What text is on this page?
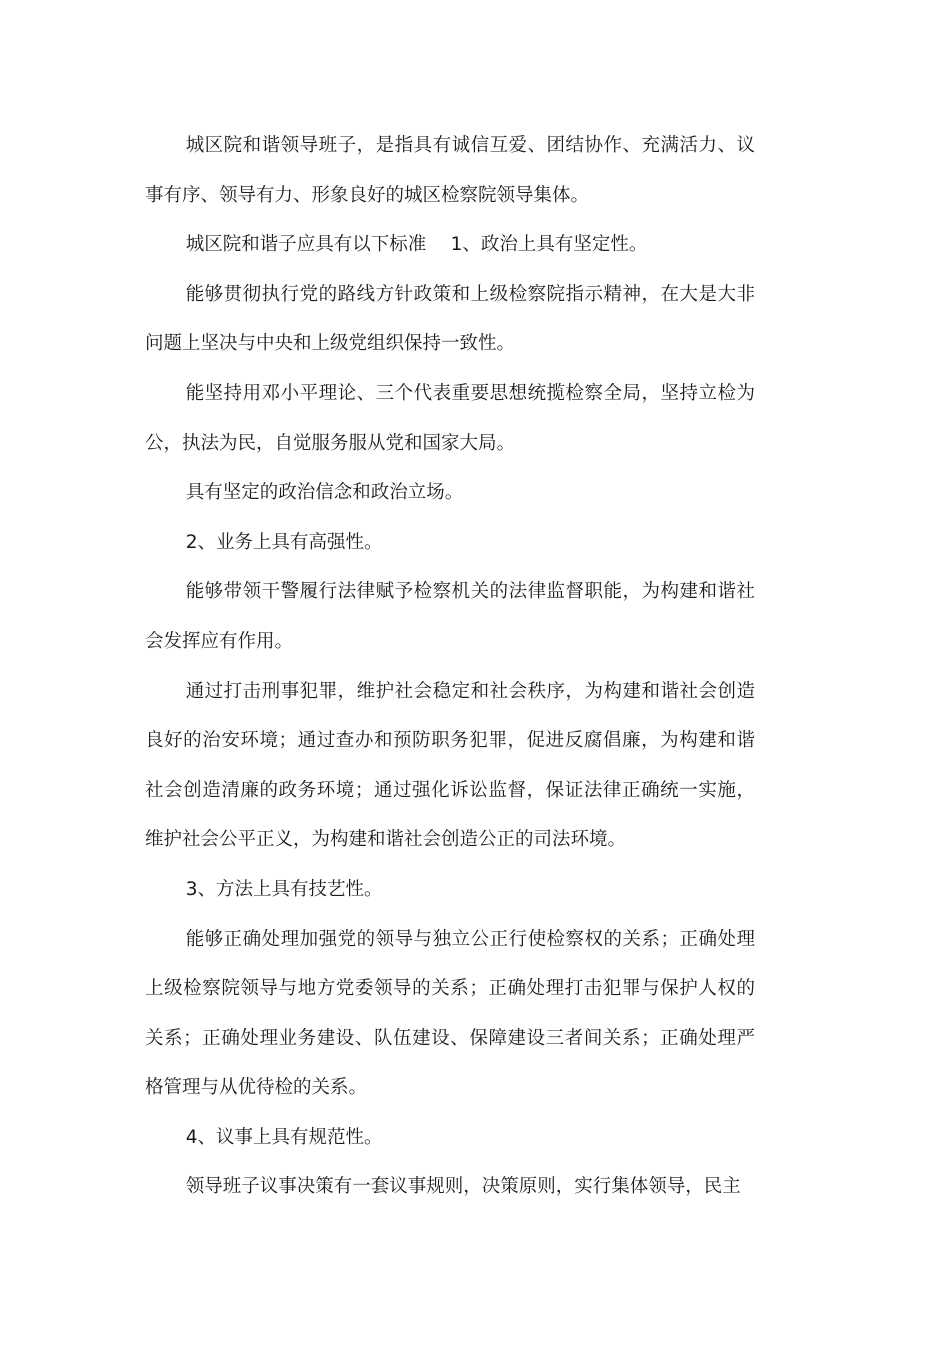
城区院和谐领导班子，是指具有诚信互爱、团结协作、充满活力、议事有序、领导有力、形象良好的城区检察院领导集体。

城区院和谐子应具有以下标准　 1、政治上具有坚定性。

能够贯彻执行党的路线方针政策和上级检察院指示精神，在大是大非问题上坚决与中央和上级党组织保持一致性。

能坚持用邓小平理论、三个代表重要思想统揽检察全局，坚持立检为公，执法为民，自觉服务服从党和国家大局。

具有坚定的政治信念和政治立场。

2、业务上具有高强性。

能够带领干警履行法律赋予检察机关的法律监督职能，为构建和谐社会发挥应有作用。

通过打击刑事犯罪，维护社会稳定和社会秩序，为构建和谐社会创造良好的治安环境；通过查办和预防职务犯罪，促进反腐倡廉，为构建和谐社会创造清廉的政务环境；通过强化诉讼监督，保证法律正确统一实施，维护社会公平正义，为构建和谐社会创造公正的司法环境。

3、方法上具有技艺性。

能够正确处理加强党的领导与独立公正行使检察权的关系；正确处理上级检察院领导与地方党委领导的关系；正确处理打击犯罪与保护人权的关系；正确处理业务建设、队伍建设、保障建设三者间关系；正确处理严格管理与从优待检的关系。

4、议事上具有规范性。

领导班子议事决策有一套议事规则，决策原则，实行集体领导，民主
